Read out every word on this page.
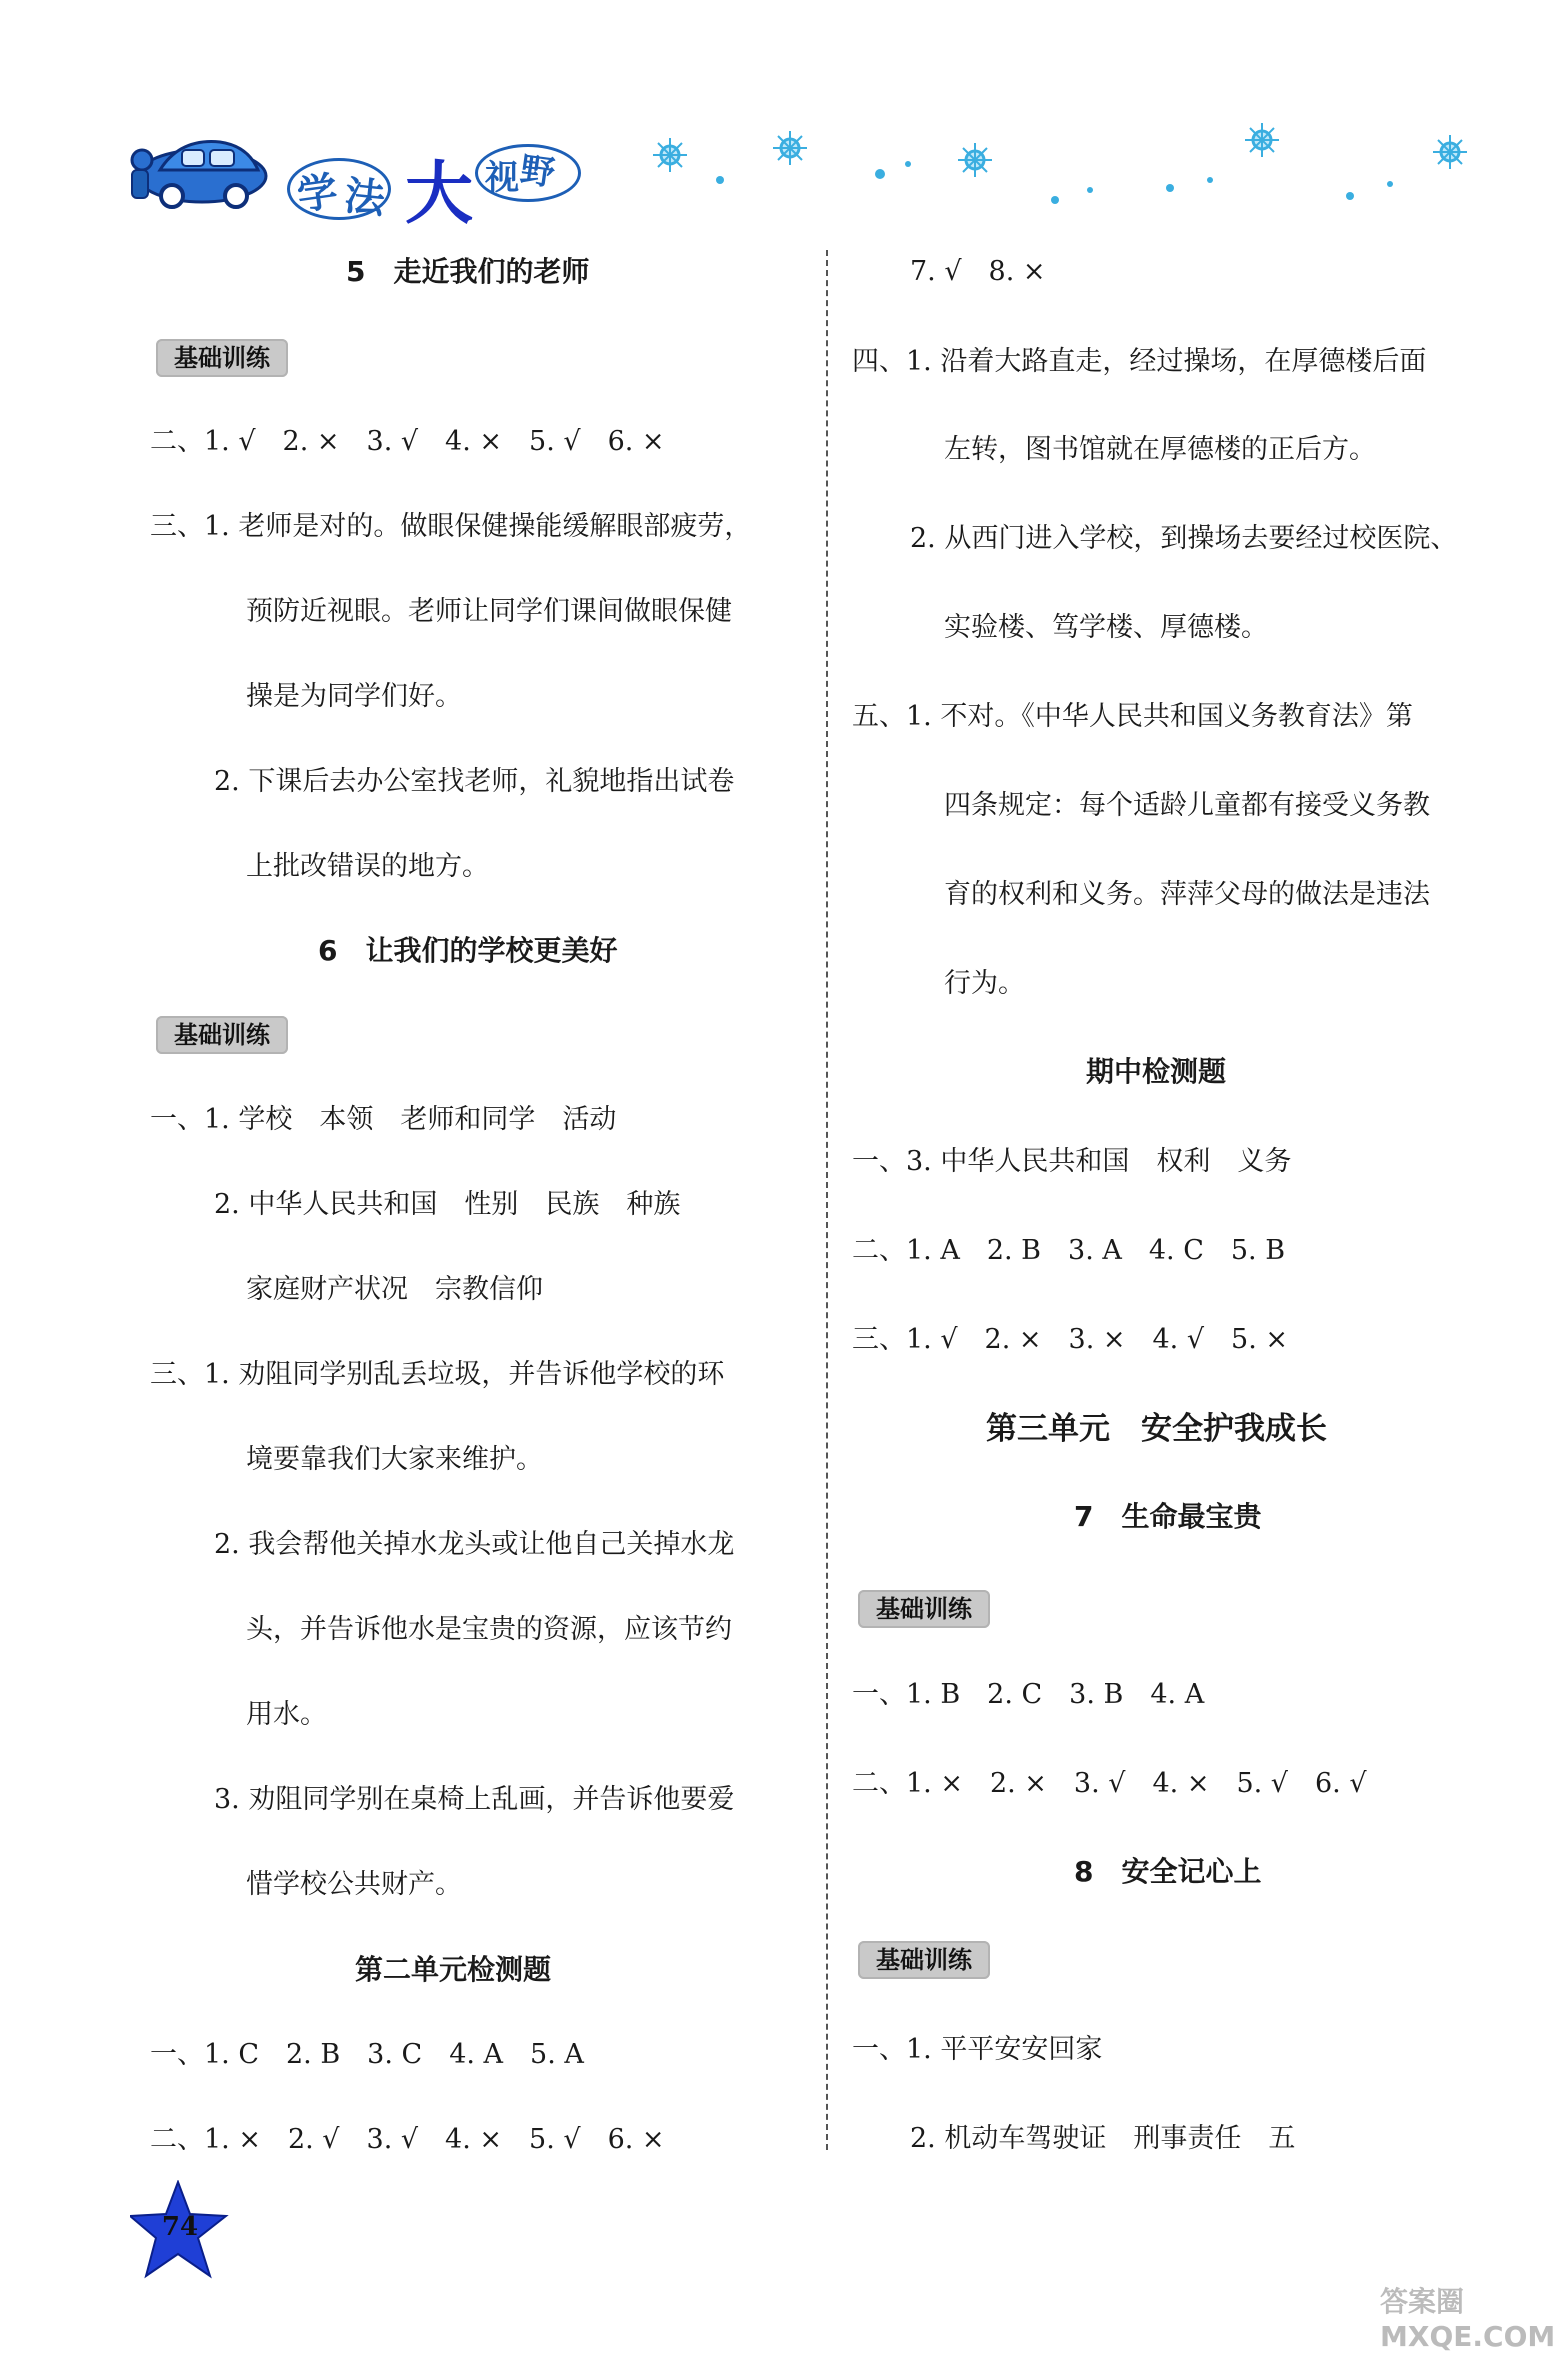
学 法 大 视
野
5　走近我们的老师
基础训练
二、1. √　2. ×　3. √　4. ×　5. √　6. ×
三、1. 老师是对的。做眼保健操能缓解眼部疲劳，
预防近视眼。老师让同学们课间做眼保健
操是为同学们好。
2. 下课后去办公室找老师，礼貌地指出试卷
上批改错误的地方。
6　让我们的学校更美好
基础训练
一、1. 学校　本领　老师和同学　活动
2. 中华人民共和国　性别　民族　种族
家庭财产状况　宗教信仰
三、1. 劝阻同学别乱丢垃圾，并告诉他学校的环
境要靠我们大家来维护。
2. 我会帮他关掉水龙头或让他自己关掉水龙
头，并告诉他水是宝贵的资源，应该节约
用水。
3. 劝阻同学别在桌椅上乱画，并告诉他要爱
惜学校公共财产。
第二单元检测题
一、1. C　2. B　3. C　4. A　5. A
二、1. ×　2. √　3. √　4. ×　5. √　6. ×
7. √　8. ×
四、1. 沿着大路直走，经过操场，在厚德楼后面
左转，图书馆就在厚德楼的正后方。
2. 从西门进入学校，到操场去要经过校医院、
实验楼、笃学楼、厚德楼。
五、1. 不对。《中华人民共和国义务教育法》第
四条规定：每个适龄儿童都有接受义务教
育的权利和义务。萍萍父母的做法是违法
行为。
期中检测题
一、3. 中华人民共和国　权利　义务
二、1. A　2. B　3. A　4. C　5. B
三、1. √　2. ×　3. ×　4. √　5. ×
第三单元　安全护我成长
7　生命最宝贵
基础训练
一、1. B　2. C　3. B　4. A
二、1. ×　2. ×　3. √　4. ×　5. √　6. √
8　安全记心上
基础训练
一、1. 平平安安回家
2. 机动车驾驶证　刑事责任　五
74
答案圈 MXQE.COM
